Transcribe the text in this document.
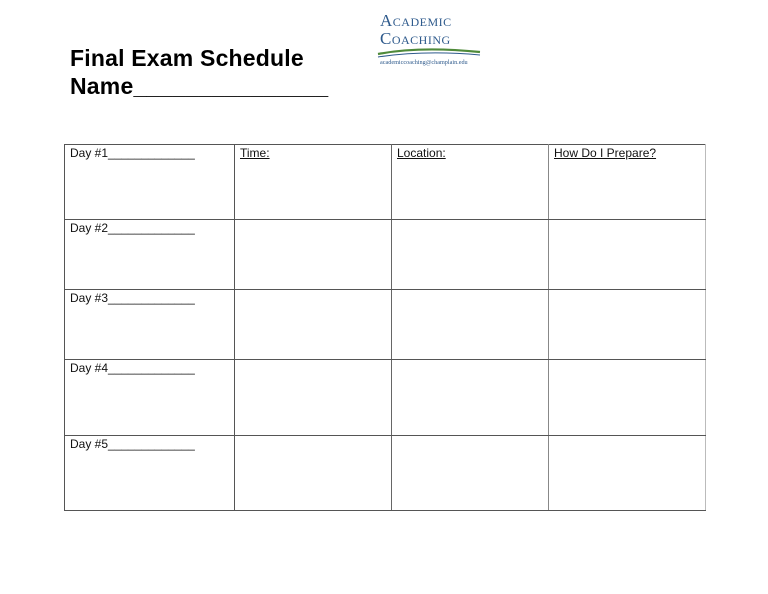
Final Exam Schedule
Name_______________
Academic
Coaching
academiccoaching@champlain.edu
Day #1_____________	Time:	Location:	How Do I Prepare?
Day #2_____________			
Day #3_____________			
Day #4_____________			
Day #5_____________			
